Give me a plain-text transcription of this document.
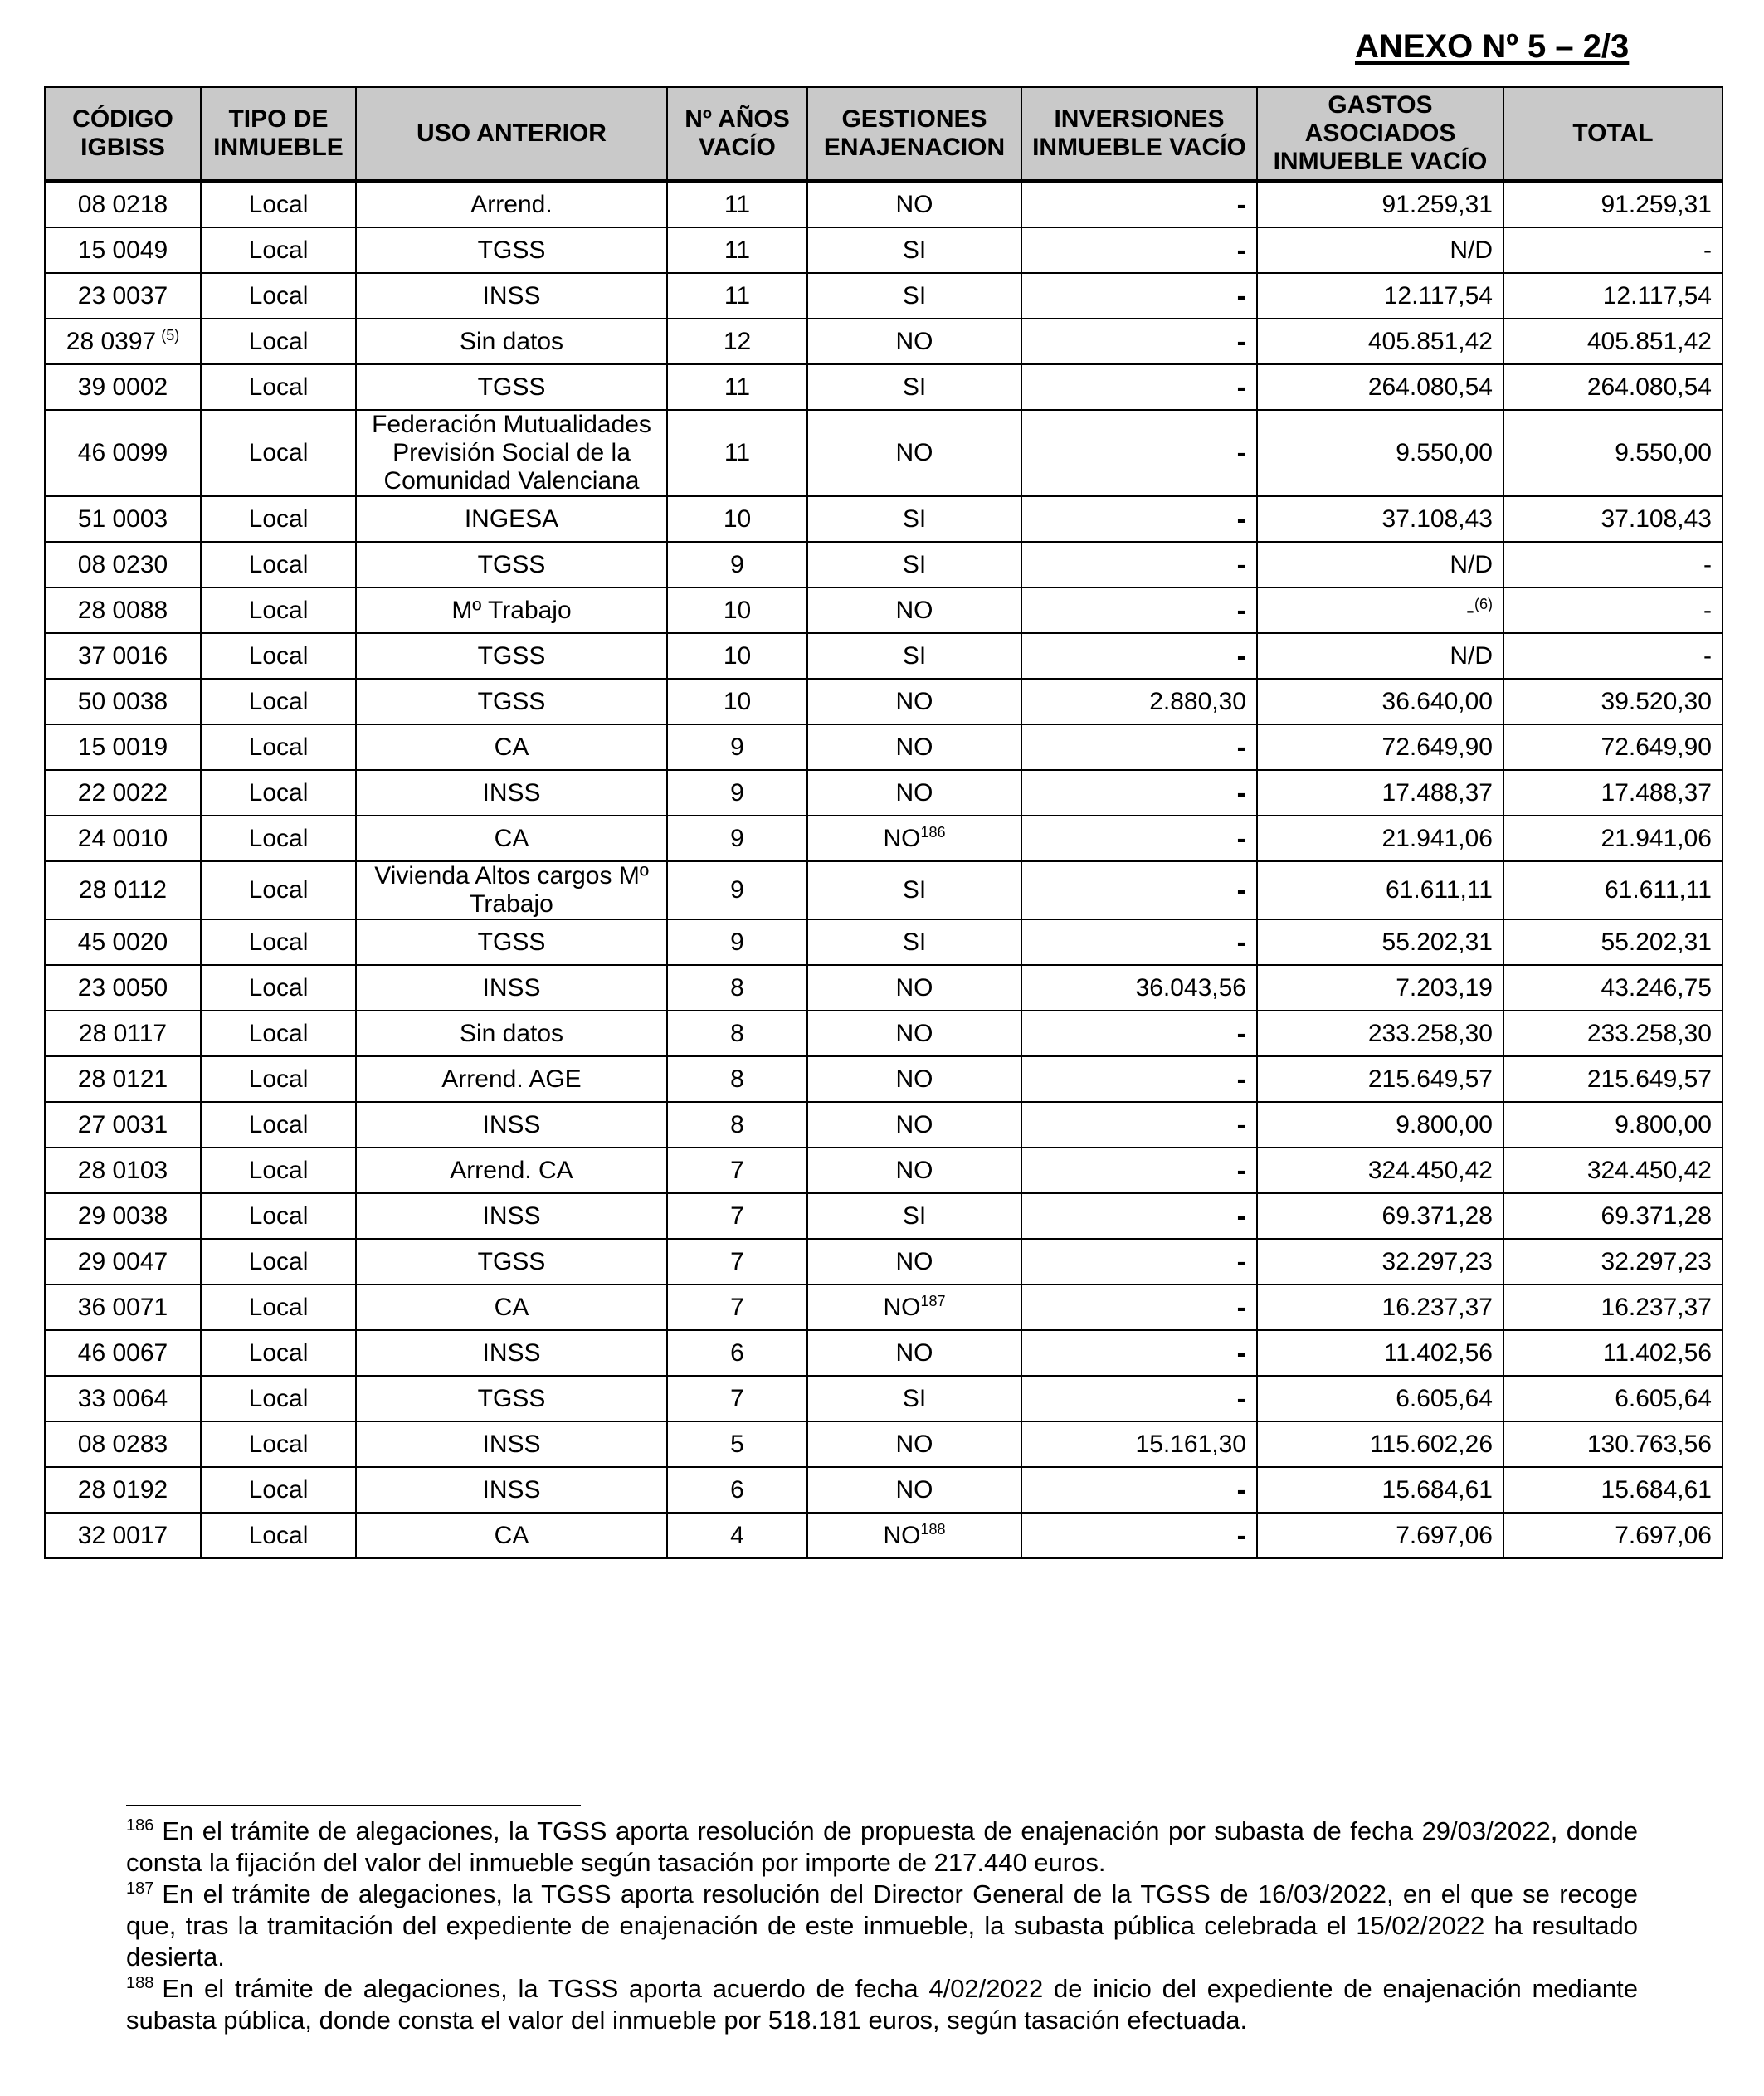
ANEXO Nº 5 – 2/3
CÓDIGO IGBISS	TIPO DE INMUEBLE	USO ANTERIOR	Nº AÑOS VACÍO	GESTIONES ENAJENACION	INVERSIONES INMUEBLE VACÍO	GASTOS ASOCIADOS INMUEBLE VACÍO	TOTAL
08 0218	Local	Arrend.	11	NO	-	91.259,31	91.259,31
15 0049	Local	TGSS	11	SI	-	N/D	-
23 0037	Local	INSS	11	SI	-	12.117,54	12.117,54
28 0397 $^{(5)}$	Local	Sin datos	12	NO	-	405.851,42	405.851,42
39 0002	Local	TGSS	11	SI	-	264.080,54	264.080,54
46 0099	Local	Federación Mutualidades Previsión Social de la Comunidad Valenciana	11	NO	-	9.550,00	9.550,00
51 0003	Local	INGESA	10	SI	-	37.108,43	37.108,43
08 0230	Local	TGSS	9	SI	-	N/D	-
28 0088	Local	Mº Trabajo	10	NO	-	-$^{(6)}$	-
37 0016	Local	TGSS	10	SI	-	N/D	-
50 0038	Local	TGSS	10	NO	2.880,30	36.640,00	39.520,30
15 0019	Local	CA	9	NO	-	72.649,90	72.649,90
22 0022	Local	INSS	9	NO	-	17.488,37	17.488,37
24 0010	Local	CA	9	NO$^{186}$	-	21.941,06	21.941,06
28 0112	Local	Vivienda Altos cargos Mº Trabajo	9	SI	-	61.611,11	61.611,11
45 0020	Local	TGSS	9	SI	-	55.202,31	55.202,31
23 0050	Local	INSS	8	NO	36.043,56	7.203,19	43.246,75
28 0117	Local	Sin datos	8	NO	-	233.258,30	233.258,30
28 0121	Local	Arrend. AGE	8	NO	-	215.649,57	215.649,57
27 0031	Local	INSS	8	NO	-	9.800,00	9.800,00
28 0103	Local	Arrend. CA	7	NO	-	324.450,42	324.450,42
29 0038	Local	INSS	7	SI	-	69.371,28	69.371,28
29 0047	Local	TGSS	7	NO	-	32.297,23	32.297,23
36 0071	Local	CA	7	NO$^{187}$	-	16.237,37	16.237,37
46 0067	Local	INSS	6	NO	-	11.402,56	11.402,56
33 0064	Local	TGSS	7	SI	-	6.605,64	6.605,64
08 0283	Local	INSS	5	NO	15.161,30	115.602,26	130.763,56
28 0192	Local	INSS	6	NO	-	15.684,61	15.684,61
32 0017	Local	CA	4	NO$^{188}$	-	7.697,06	7.697,06

$^{186}$ En el trámite de alegaciones, la TGSS aporta resolución de propuesta de enajenación por subasta de fecha 29/03/2022, donde consta la fijación del valor del inmueble según tasación por importe de 217.440 euros.

$^{187}$ En el trámite de alegaciones, la TGSS aporta resolución del Director General de la TGSS de 16/03/2022, en el que se recoge que, tras la tramitación del expediente de enajenación de este inmueble, la subasta pública celebrada el 15/02/2022 ha resultado desierta.

$^{188}$ En el trámite de alegaciones, la TGSS aporta acuerdo de fecha 4/02/2022 de inicio del expediente de enajenación mediante subasta pública, donde consta el valor del inmueble por 518.181 euros, según tasación efectuada.
